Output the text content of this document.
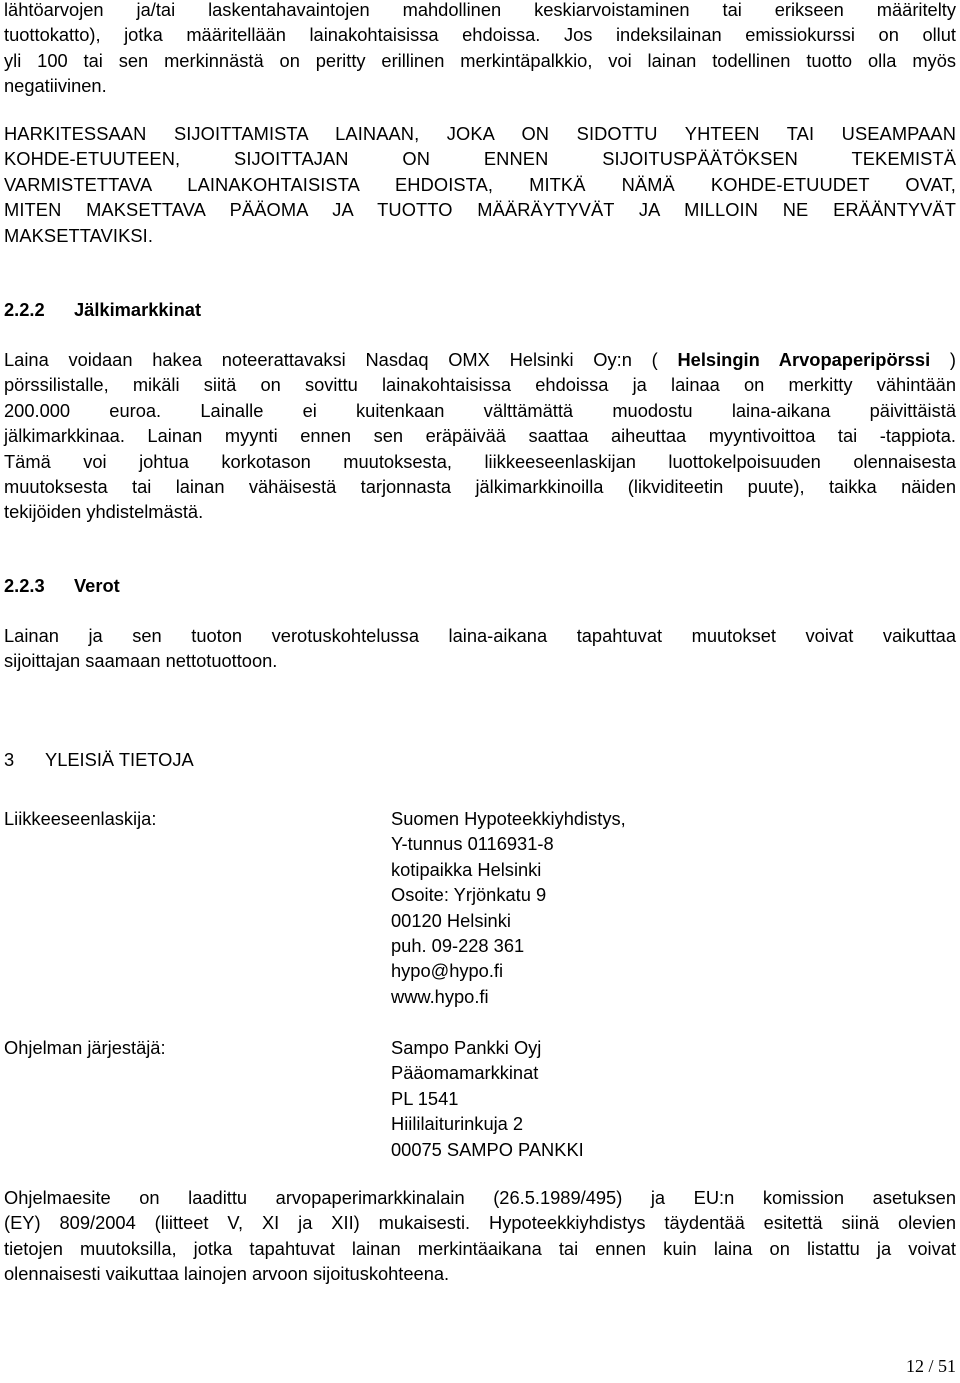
lähtöarvojen ja/tai laskentahavaintojen mahdollinen keskiarvoistaminen tai erikseen määritelty
tuottokatto), jotka määritellään lainakohtaisissa ehdoissa. Jos indeksilainan emissiokurssi on ollut
yli 100 tai sen merkinnästä on peritty erillinen merkintäpalkkio, voi lainan todellinen tuotto olla myös

negatiivinen.

HARKITESSAAN SIJOITTAMISTA LAINAAN, JOKA ON SIDOTTU YHTEEN TAI USEAMPAAN
KOHDE-ETUUTEEN, SIJOITTAJAN ON ENNEN SIJOITUSPÄÄTÖKSEN TEKEMISTÄ
VARMISTETTAVA LAINAKOHTAISISTA EHDOISTA, MITKÄ NÄMÄ KOHDE-ETUUDET OVAT,
MITEN MAKSETTAVA PÄÄOMA JA TUOTTO MÄÄRÄYTYVÄT JA MILLOIN NE ERÄÄNTYVÄT

MAKSETTAVIKSI.

2.2.2 Jälkimarkkinat

Laina voidaan hakea noteerattavaksi Nasdaq OMX Helsinki Oy:n ( Helsingin Arvopaperipörssi )
pörssilistalle, mikäli siitä on sovittu lainakohtaisissa ehdoissa ja lainaa on merkitty vähintään
200.000 euroa. Lainalle ei kuitenkaan välttämättä muodostu laina-aikana päivittäistä
jälkimarkkinaa. Lainan myynti ennen sen eräpäivää saattaa aiheuttaa myyntivoittoa tai -tappiota.
Tämä voi johtua korkotason muutoksesta, liikkeeseenlaskijan luottokelpoisuuden olennaisesta
muutoksesta tai lainan vähäisestä tarjonnasta jälkimarkkinoilla (likviditeetin puute), taikka näiden

tekijöiden yhdistelmästä.

2.2.3 Verot

Lainan ja sen tuoton verotuskohtelussa laina-aikana tapahtuvat muutokset voivat vaikuttaa

sijoittajan saamaan nettotuottoon.

3 YLEISIÄ TIETOJA
Liikkeeseenlaskija:	Suomen Hypoteekkiyhdistys,
Y-tunnus 0116931-8
kotipaikka Helsinki
Osoite: Yrjönkatu 9
00120 Helsinki
puh. 09-228 361
hypo@hypo.fi
www.hypo.fi
Ohjelman järjestäjä:	Sampo Pankki Oyj
Pääomamarkkinat
PL 1541
Hiililaiturinkuja 2
00075 SAMPO PANKKI

Ohjelmaesite on laadittu arvopaperimarkkinalain (26.5.1989/495) ja EU:n komission asetuksen
(EY) 809/2004 (liitteet V, XI ja XII) mukaisesti. Hypoteekkiyhdistys täydentää esitettä siinä olevien
tietojen muutoksilla, jotka tapahtuvat lainan merkintäaikana tai ennen kuin laina on listattu ja voivat

olennaisesti vaikuttaa lainojen arvoon sijoituskohteena.

12 / 51
